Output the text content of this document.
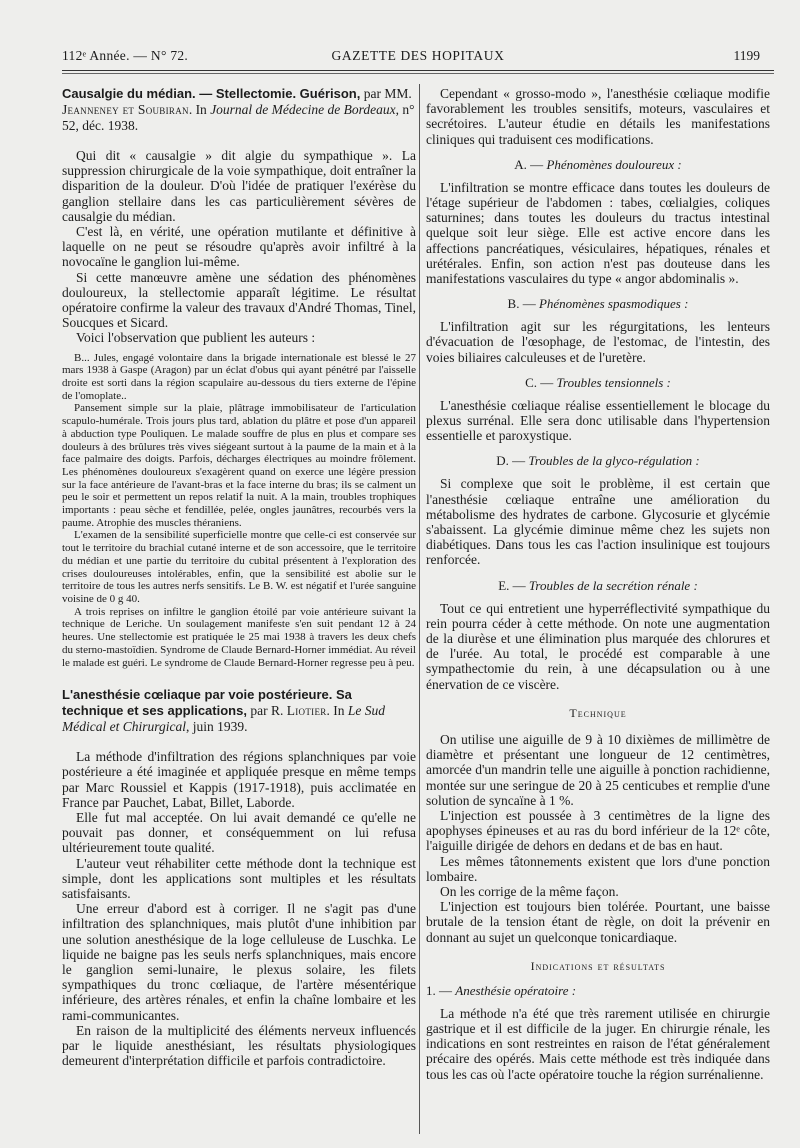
112ᵉ Année. — N° 72.	GAZETTE DES HOPITAUX	1199
Causalgie du médian. — Stellectomie. Guérison, par MM. Jeanneney et Soubiran. In Journal de Médecine de Bordeaux, n° 52, déc. 1938.

Qui dit « causalgie » dit algie du sympathique ». La suppression chirurgicale de la voie sympathique, doit entraîner la disparition de la douleur. D'où l'idée de pratiquer l'exérèse du ganglion stellaire dans les cas particulièrement sévères de causalgie du médian.

C'est là, en vérité, une opération mutilante et définitive à laquelle on ne peut se résoudre qu'après avoir infiltré à la novocaïne le ganglion lui-même.

Si cette manœuvre amène une sédation des phénomènes douloureux, la stellectomie apparaît légitime. Le résultat opératoire confirme la valeur des travaux d'André Thomas, Tinel, Soucques et Sicard.

Voici l'observation que publient les auteurs :

B... Jules, engagé volontaire dans la brigade internationale est blessé le 27 mars 1938 à Gaspe (Aragon) par un éclat d'obus qui ayant pénétré par l'aisselle droite est sorti dans la région scapulaire au-dessous du tiers externe de l'épine de l'omoplate..

Pansement simple sur la plaie, plâtrage immobilisateur de l'articulation scapulo-humérale. Trois jours plus tard, ablation du plâtre et pose d'un appareil à abduction type Pouliquen. Le malade souffre de plus en plus et compare ses douleurs à des brûlures très vives siégeant surtout à la paume de la main et à la face palmaire des doigts. Parfois, décharges électriques au moindre frôlement. Les phénomènes douloureux s'exagèrent quand on exerce une légère pression sur la face antérieure de l'avant-bras et la face interne du bras; ils se calment un peu le soir et permettent un repos relatif la nuit. A la main, troubles trophiques importants : peau sèche et fendillée, pelée, ongles jaunâtres, recourbés vers la paume. Atrophie des muscles théraniens.

L'examen de la sensibilité superficielle montre que celle-ci est conservée sur tout le territoire du brachial cutané interne et de son accessoire, que le territoire du médian et une partie du territoire du cubital présentent à l'exploration des crises douloureuses intolérables, enfin, que la sensibilité est abolie sur le territoire de tous les autres nerfs sensitifs. Le B. W. est négatif et l'urée sanguine voisine de 0 g 40.

A trois reprises on infiltre le ganglion étoilé par voie antérieure suivant la technique de Leriche. Un soulagement manifeste s'en suit pendant 12 à 24 heures. Une stellectomie est pratiquée le 25 mai 1938 à travers les deux chefs du sterno-mastoïdien. Syndrome de Claude Bernard-Horner immédiat. Au réveil le malade est guéri. Le syndrome de Claude Bernard-Horner regresse peu à peu.

L'anesthésie cœliaque par voie postérieure. Sa technique et ses applications, par R. Liotier. In Le Sud Médical et Chirurgical, juin 1939.

La méthode d'infiltration des régions splanchniques par voie postérieure a été imaginée et appliquée presque en même temps par Marc Roussiel et Kappis (1917-1918), puis acclimatée en France par Pauchet, Labat, Billet, Laborde.

Elle fut mal acceptée. On lui avait demandé ce qu'elle ne pouvait pas donner, et conséquemment on lui refusa ultérieurement toute qualité.

L'auteur veut réhabiliter cette méthode dont la technique est simple, dont les applications sont multiples et les résultats satisfaisants.

Une erreur d'abord est à corriger. Il ne s'agit pas d'une infiltration des splanchniques, mais plutôt d'une inhibition par une solution anesthésique de la loge celluleuse de Luschka. Le liquide ne baigne pas les seuls nerfs splanchniques, mais encore le ganglion semi-lunaire, le plexus solaire, les filets sympathiques du tronc cœliaque, de l'artère mésentérique inférieure, des artères rénales, et enfin la chaîne lombaire et les rami-communicantes.

En raison de la multiplicité des éléments nerveux influencés par le liquide anesthésiant, les résultats physiologiques demeurent d'interprétation difficile et parfois contradictoire.

Cependant « grosso-modo », l'anesthésie cœliaque modifie favorablement les troubles sensitifs, moteurs, vasculaires et secrétoires. L'auteur étudie en détails les manifestations cliniques qui traduisent ces modifications.

A. — Phénomènes douloureux :

L'infiltration se montre efficace dans toutes les douleurs de l'étage supérieur de l'abdomen : tabes, cœlialgies, coliques saturnines; dans toutes les douleurs du tractus intestinal quelque soit leur siège. Elle est active encore dans les affections pancréatiques, vésiculaires, hépatiques, rénales et urétérales. Enfin, son action n'est pas douteuse dans les manifestations vasculaires du type « angor abdominalis ».

B. — Phénomènes spasmodiques :

L'infiltration agit sur les régurgitations, les lenteurs d'évacuation de l'œsophage, de l'estomac, de l'intestin, des voies biliaires calculeuses et de l'uretère.

C. — Troubles tensionnels :

L'anesthésie cœliaque réalise essentiellement le blocage du plexus surrénal. Elle sera donc utilisable dans l'hypertension essentielle et paroxystique.

D. — Troubles de la glyco-régulation :

Si complexe que soit le problème, il est certain que l'anesthésie cœliaque entraîne une amélioration du métabolisme des hydrates de carbone. Glycosurie et glycémie s'abaissent. La glycémie diminue même chez les sujets non diabétiques. Dans tous les cas l'action insulinique est toujours renforcée.

E. — Troubles de la secrétion rénale :

Tout ce qui entretient une hyperréflectivité sympathique du rein pourra céder à cette méthode. On note une augmentation de la diurèse et une élimination plus marquée des chlorures et de l'urée. Au total, le procédé est comparable à une sympathectomie du rein, à une décapsulation ou à une énervation de ce viscère.

Technique

On utilise une aiguille de 9 à 10 dixièmes de millimètre de diamètre et présentant une longueur de 12 centimètres, amorcée d'un mandrin telle une aiguille à ponction rachidienne, montée sur une seringue de 20 à 25 centicubes et remplie d'une solution de syncaïne à 1 %.

L'injection est poussée à 3 centimètres de la ligne des apophyses épineuses et au ras du bord inférieur de la 12ᵉ côte, l'aiguille dirigée de dehors en dedans et de bas en haut.

Les mêmes tâtonnements existent que lors d'une ponction lombaire.

On les corrige de la même façon.

L'injection est toujours bien tolérée. Pourtant, une baisse brutale de la tension étant de règle, on doit la prévenir en donnant au sujet un quelconque tonicardiaque.

Indications et résultats

1. — Anesthésie opératoire :

La méthode n'a été que très rarement utilisée en chirurgie gastrique et il est difficile de la juger. En chirurgie rénale, les indications en sont restreintes en raison de l'état généralement précaire des opérés. Mais cette méthode est très indiquée dans tous les cas où l'acte opératoire touche la région surrénalienne.
